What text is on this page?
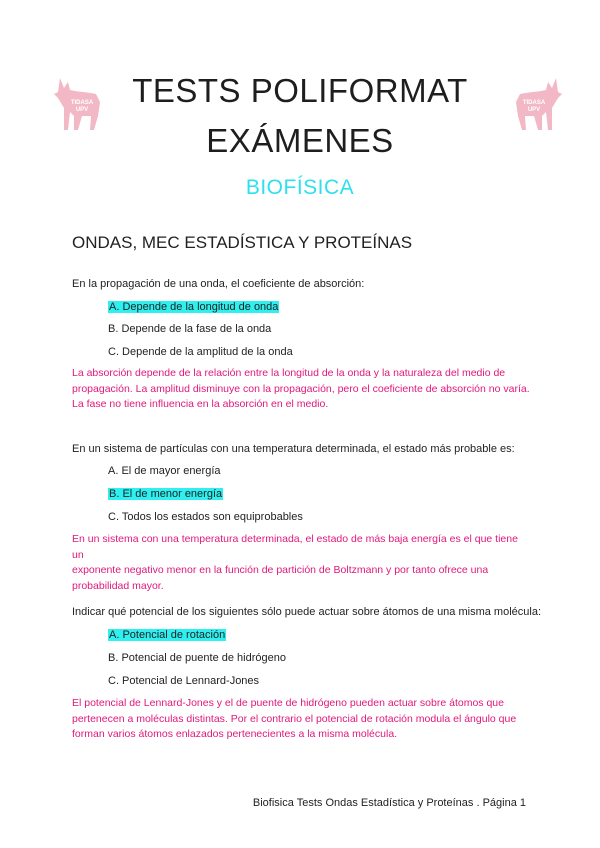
TIDASA
UPV
TIDASA
UPV
TESTS POLIFORMAT
EXÁMENES
BIOFÍSICA
ONDAS, MEC ESTADÍSTICA Y PROTEÍNAS
En la propagación de una onda, el coeficiente de absorción:
A. Depende de la longitud de onda
B. Depende de la fase de la onda
C. Depende de la amplitud de la onda
La absorción depende de la relación entre la longitud de la onda y la naturaleza del medio de
propagación. La amplitud disminuye con la propagación, pero el coeficiente de absorción no varía.
La fase no tiene influencia en la absorción en el medio.
En un sistema de partículas con una temperatura determinada, el estado más probable es:
A. El de mayor energía
B. El de menor energía
C. Todos los estados son equiprobables
En un sistema con una temperatura determinada, el estado de más baja energía es el que tiene un
exponente negativo menor en la función de partición de Boltzmann y por tanto ofrece una
probabilidad mayor.
Indicar qué potencial de los siguientes sólo puede actuar sobre átomos de una misma molécula:
A. Potencial de rotación
B. Potencial de puente de hidrógeno
C. Potencial de Lennard-Jones
El potencial de Lennard-Jones y el de puente de hidrógeno pueden actuar sobre átomos que
pertenecen a moléculas distintas. Por el contrario el potencial de rotación modula el ángulo que
forman varios átomos enlazados pertenecientes a la misma molécula.
Biofisica Tests Ondas Estadística y Proteínas . Página 1
